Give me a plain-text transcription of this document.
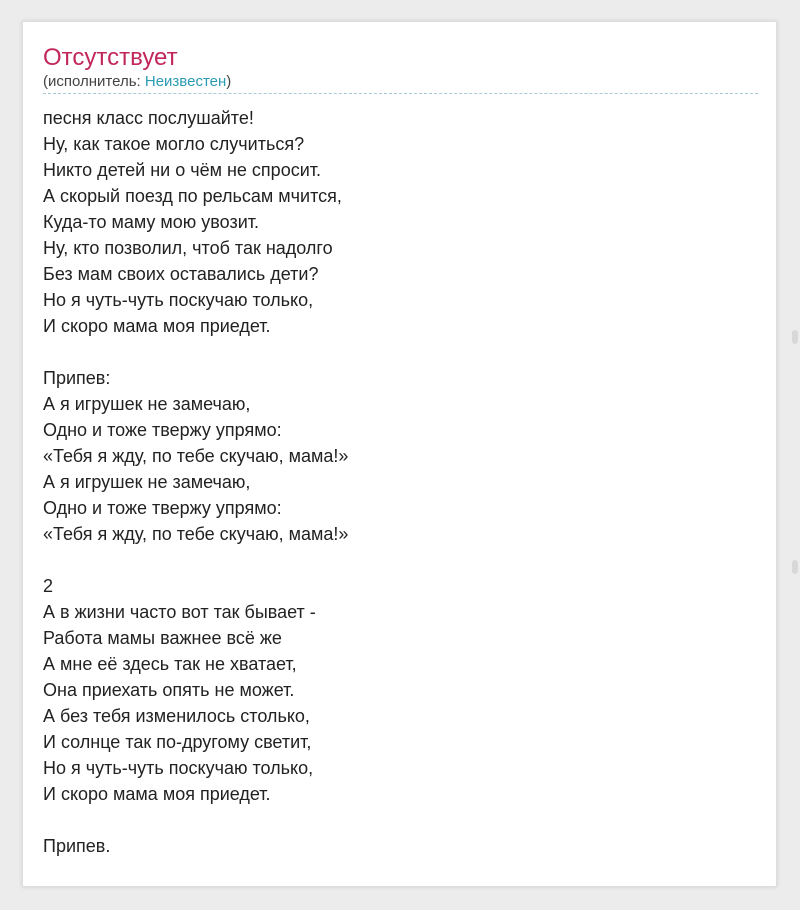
Отсутствует
(исполнитель: Неизвестен)
песня класс послушайте!
Ну, как такое могло случиться?
Никто детей ни о чём не спросит.
А скорый поезд по рельсам мчится,
Куда-то маму мою увозит.
Ну, кто позволил, чтоб так надолго
Без мам своих оставались дети?
Но я чуть-чуть поскучаю только,
И скоро мама моя приедет.

Припев:
А я игрушек не замечаю,
Одно и тоже твержу упрямо:
«Тебя я жду, по тебе скучаю, мама!»
А я игрушек не замечаю,
Одно и тоже твержу упрямо:
«Тебя я жду, по тебе скучаю, мама!»

2
А в жизни часто вот так бывает -
Работа мамы важнее всё же
А мне её здесь так не хватает,
Она приехать опять не может.
А без тебя изменилось столько,
И солнце так по-другому светит,
Но я чуть-чуть поскучаю только,
И скоро мама моя приедет.

Припев.
